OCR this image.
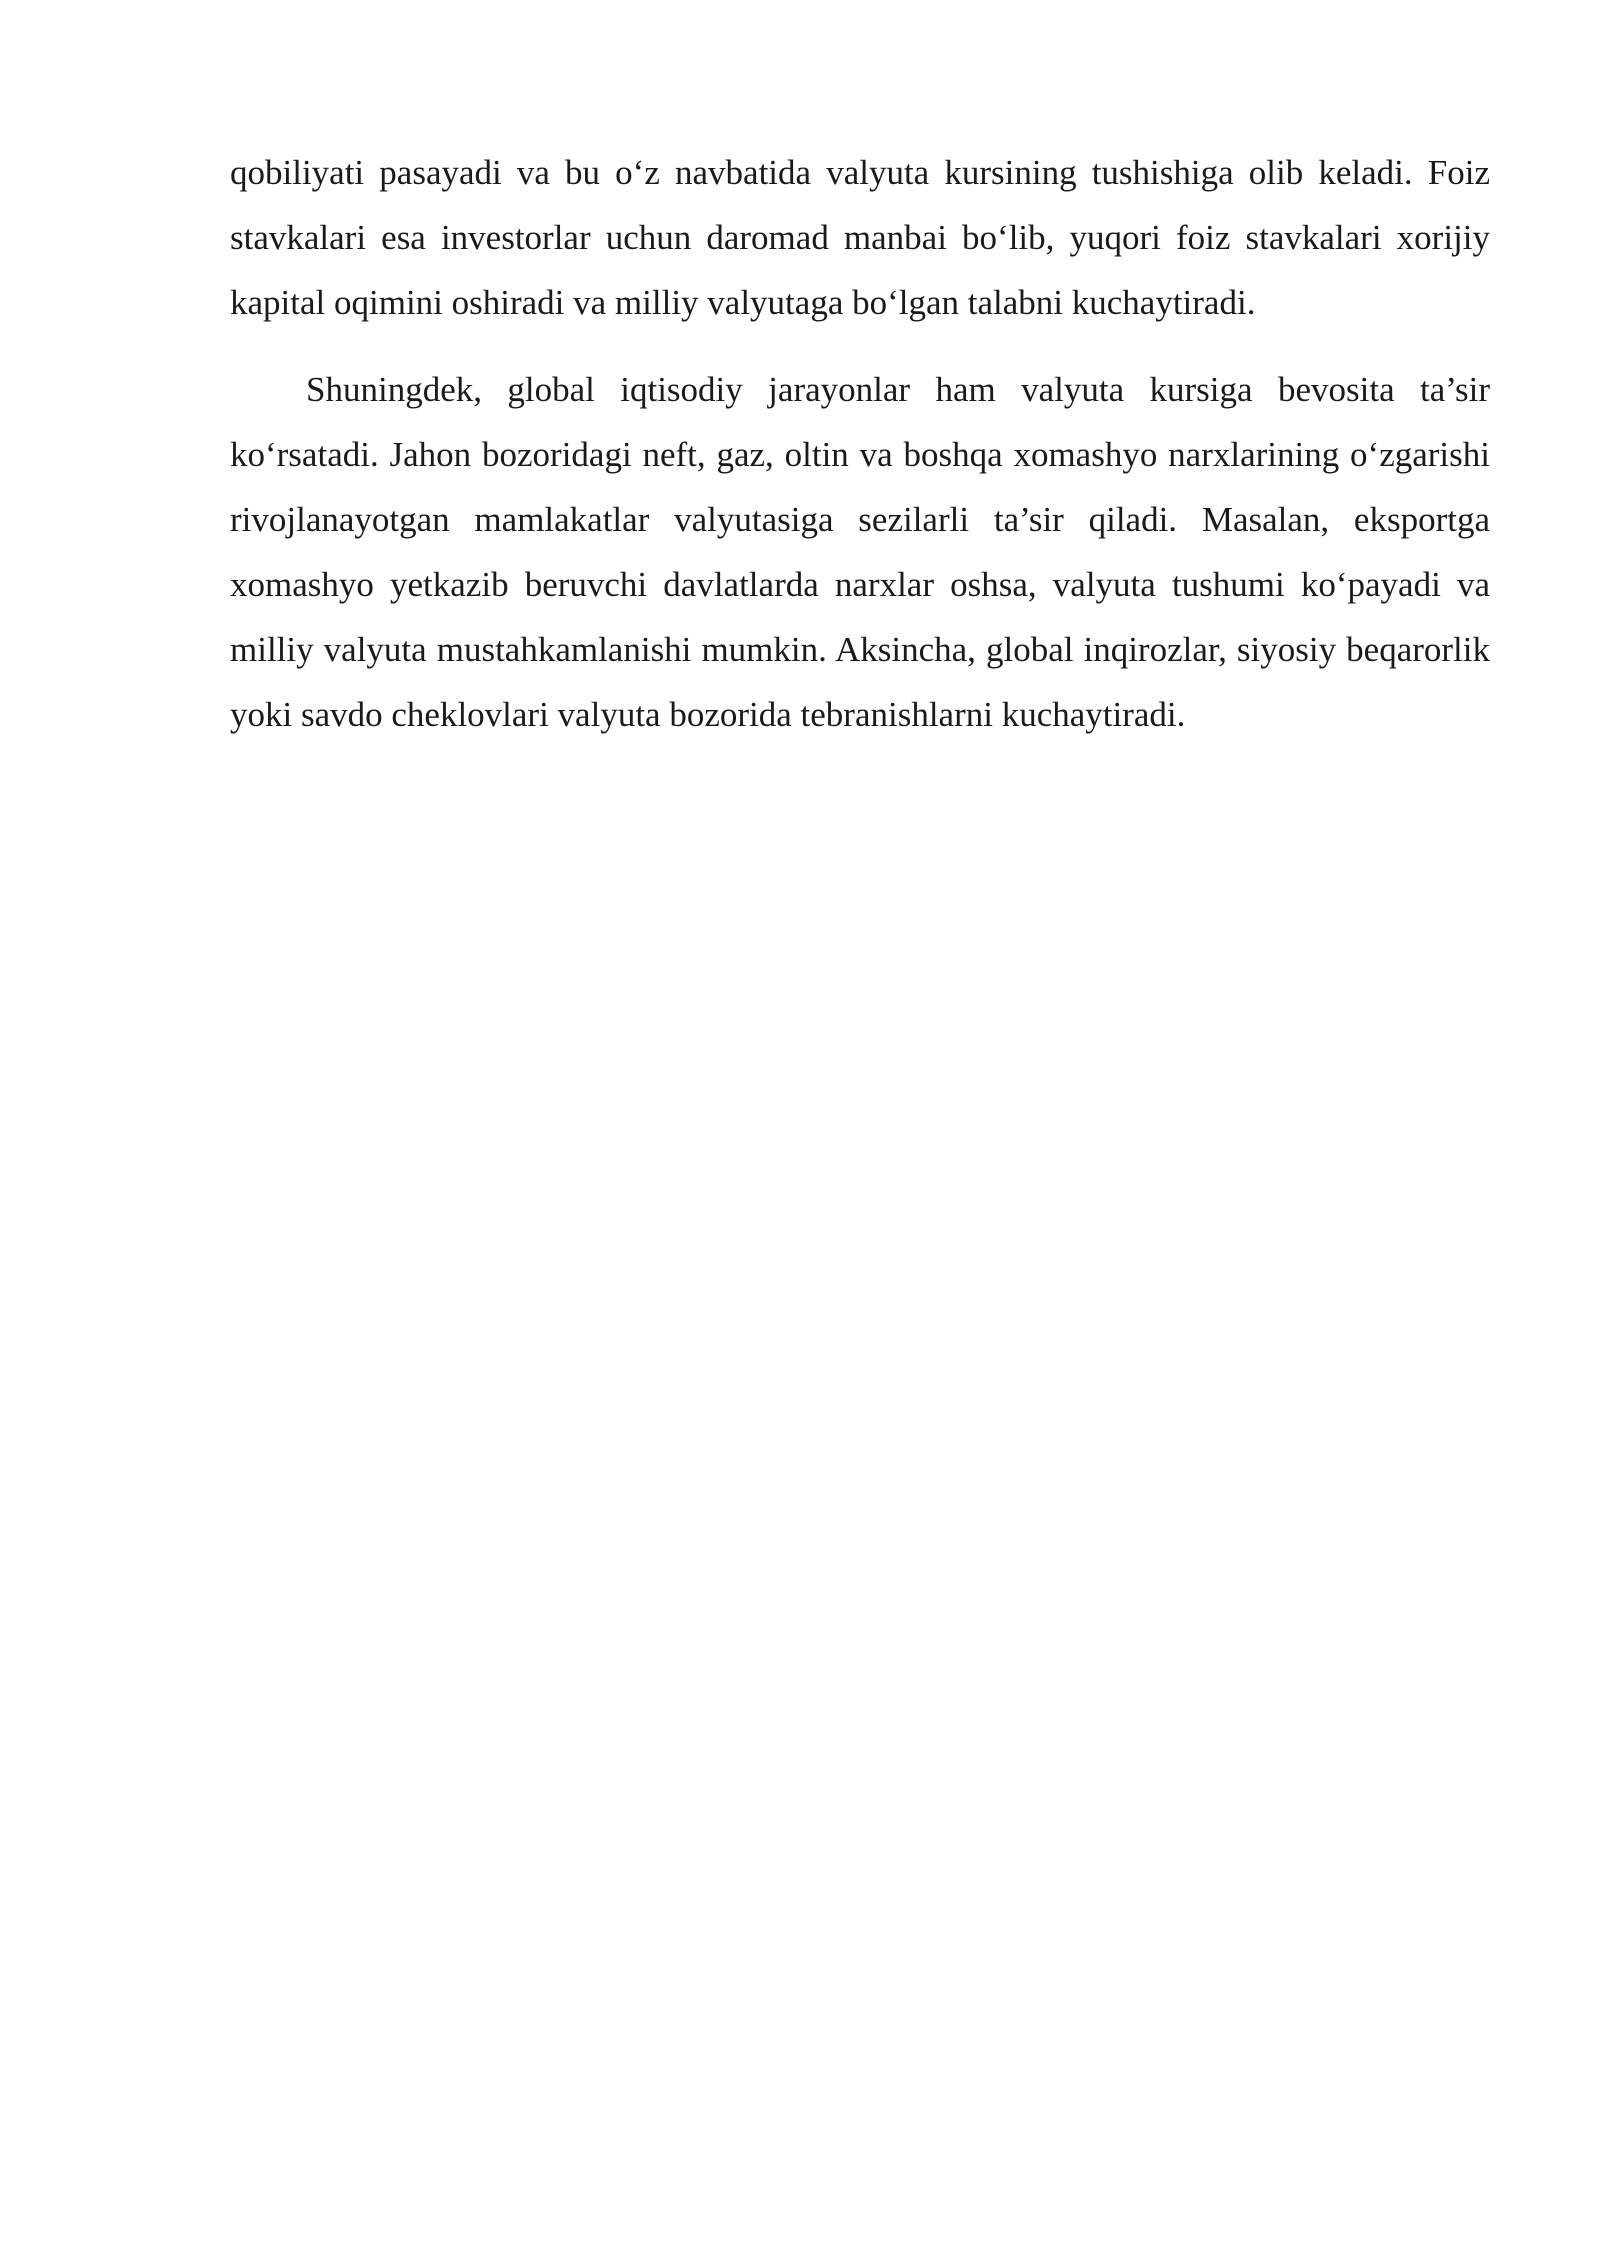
qobiliyati pasayadi va bu o‘z navbatida valyuta kursining tushishiga olib keladi. Foiz stavkalari esa investorlar uchun daromad manbai bo‘lib, yuqori foiz stavkalari xorijiy kapital oqimini oshiradi va milliy valyutaga bo‘lgan talabni kuchaytiradi.

Shuningdek, global iqtisodiy jarayonlar ham valyuta kursiga bevosita ta’sir ko‘rsatadi. Jahon bozoridagi neft, gaz, oltin va boshqa xomashyo narxlarining o‘zgarishi rivojlanayotgan mamlakatlar valyutasiga sezilarli ta’sir qiladi. Masalan, eksportga xomashyo yetkazib beruvchi davlatlarda narxlar oshsa, valyuta tushumi ko‘payadi va milliy valyuta mustahkamlanishi mumkin. Aksincha, global inqirozlar, siyosiy beqarorlik yoki savdo cheklovlari valyuta bozorida tebranishlarni kuchaytiradi.
